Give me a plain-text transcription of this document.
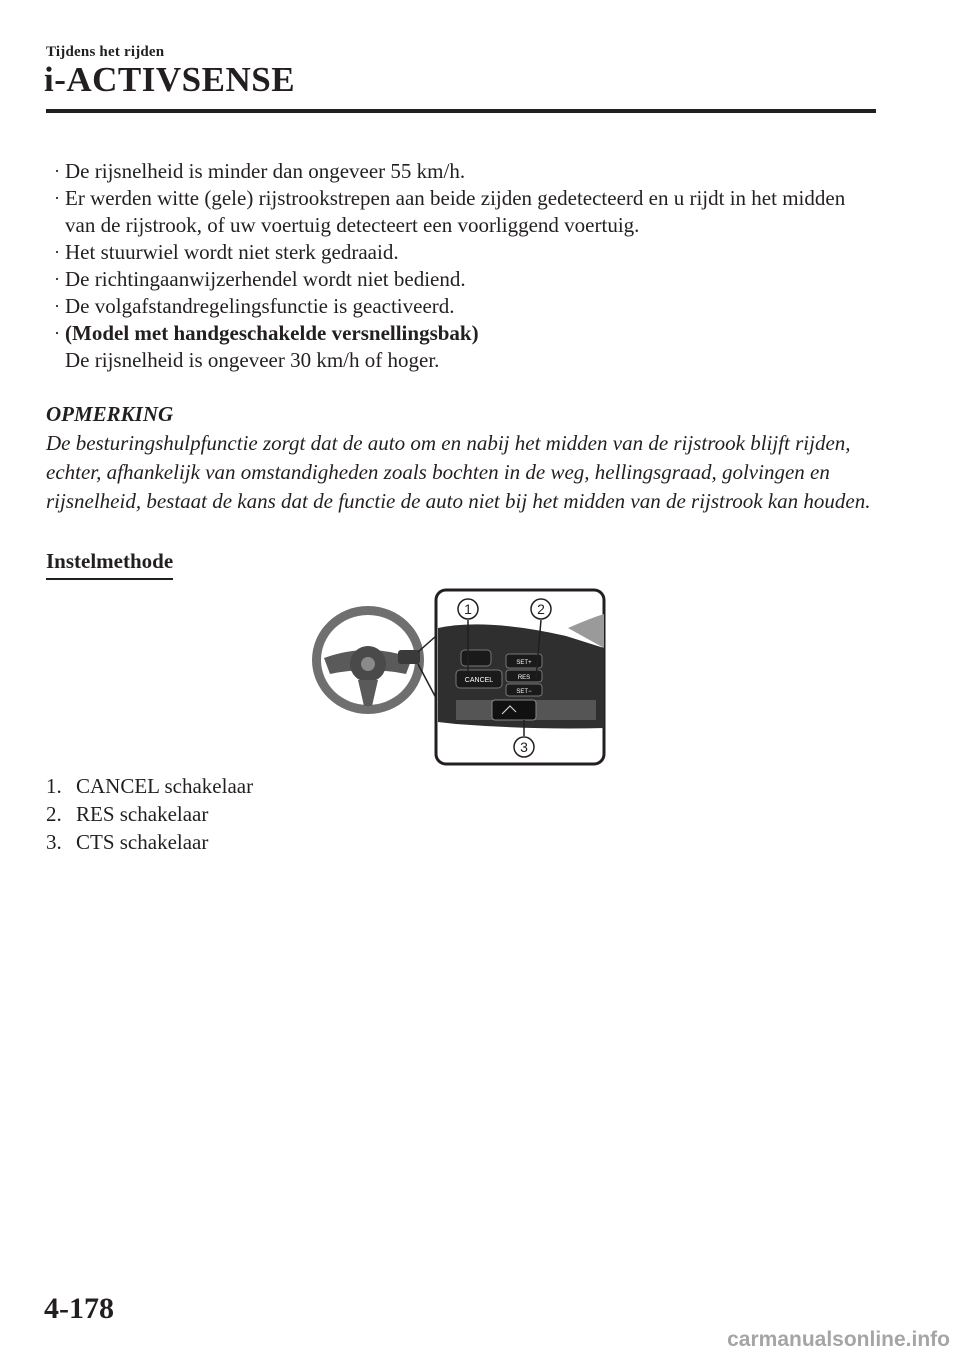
Tijdens het rijden
i-ACTIVSENSE
· De rijsnelheid is minder dan ongeveer 55 km/h.
· Er werden witte (gele) rijstrookstrepen aan beide zijden gedetecteerd en u rijdt in het midden van de rijstrook, of uw voertuig detecteert een voorliggend voertuig.
· Het stuurwiel wordt niet sterk gedraaid.
· De richtingaanwijzerhendel wordt niet bediend.
· De volgafstandregelingsfunctie is geactiveerd.
· (Model met handgeschakelde versnellingsbak)
De rijsnelheid is ongeveer 30 km/h of hoger.
OPMERKING
De besturingshulpfunctie zorgt dat de auto om en nabij het midden van de rijstrook blijft rijden, echter, afhankelijk van omstandigheden zoals bochten in de weg, hellingsgraad, golvingen en rijsnelheid, bestaat de kans dat de functie de auto niet bij het midden van de rijstrook kan houden.
Instelmethode
CANCEL
SET+
RES
SET−
1	2
3
1. CANCEL schakelaar
2. RES schakelaar
3. CTS schakelaar
4-178
carmanualsonline.info
